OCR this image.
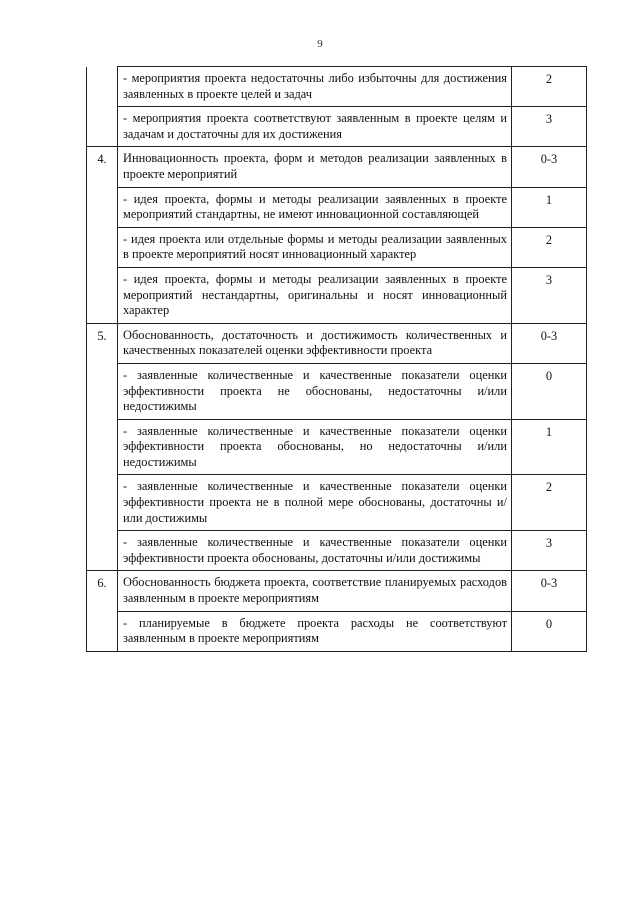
9

	- мероприятия проекта недостаточны либо избыточны для достижения заявленных в проекте целей и задач	2

	- мероприятия проекта соответствуют заявленным в проекте целям и задачам и достаточны для их достижения	3
4.	Инновационность проекта, форм и методов реализации заявленных в проекте мероприятий	0-3

	- идея проекта, формы и методы реализации заявленных в проекте мероприятий стандартны, не имеют инновационной составляющей	1

	- идея проекта или отдельные формы и методы реализации заявленных в проекте мероприятий носят инновационный характер	2

	- идея проекта, формы и методы реализации заявленных в проекте мероприятий нестандартны, оригинальны и носят инновационный характер	3
5.	Обоснованность, достаточность и достижимость количественных и качественных показателей оценки эффективности проекта	0-3

	- заявленные количественные и качественные показатели оценки эффективности проекта не обоснованы, недостаточны и/или недостижимы	0

	- заявленные количественные и качественные показатели оценки эффективности проекта обоснованы, но недостаточны и/или недостижимы	1

	- заявленные количественные и качественные показатели оценки эффективности проекта не в полной мере обоснованы, достаточны и/или достижимы	2

	- заявленные количественные и качественные показатели оценки эффективности проекта обоснованы, достаточны и/или достижимы	3
6.	Обоснованность бюджета проекта, соответствие планируемых расходов заявленным в проекте мероприятиям	0-3

	- планируемые в бюджете проекта расходы не соответствуют заявленным в проекте мероприятиям	0
